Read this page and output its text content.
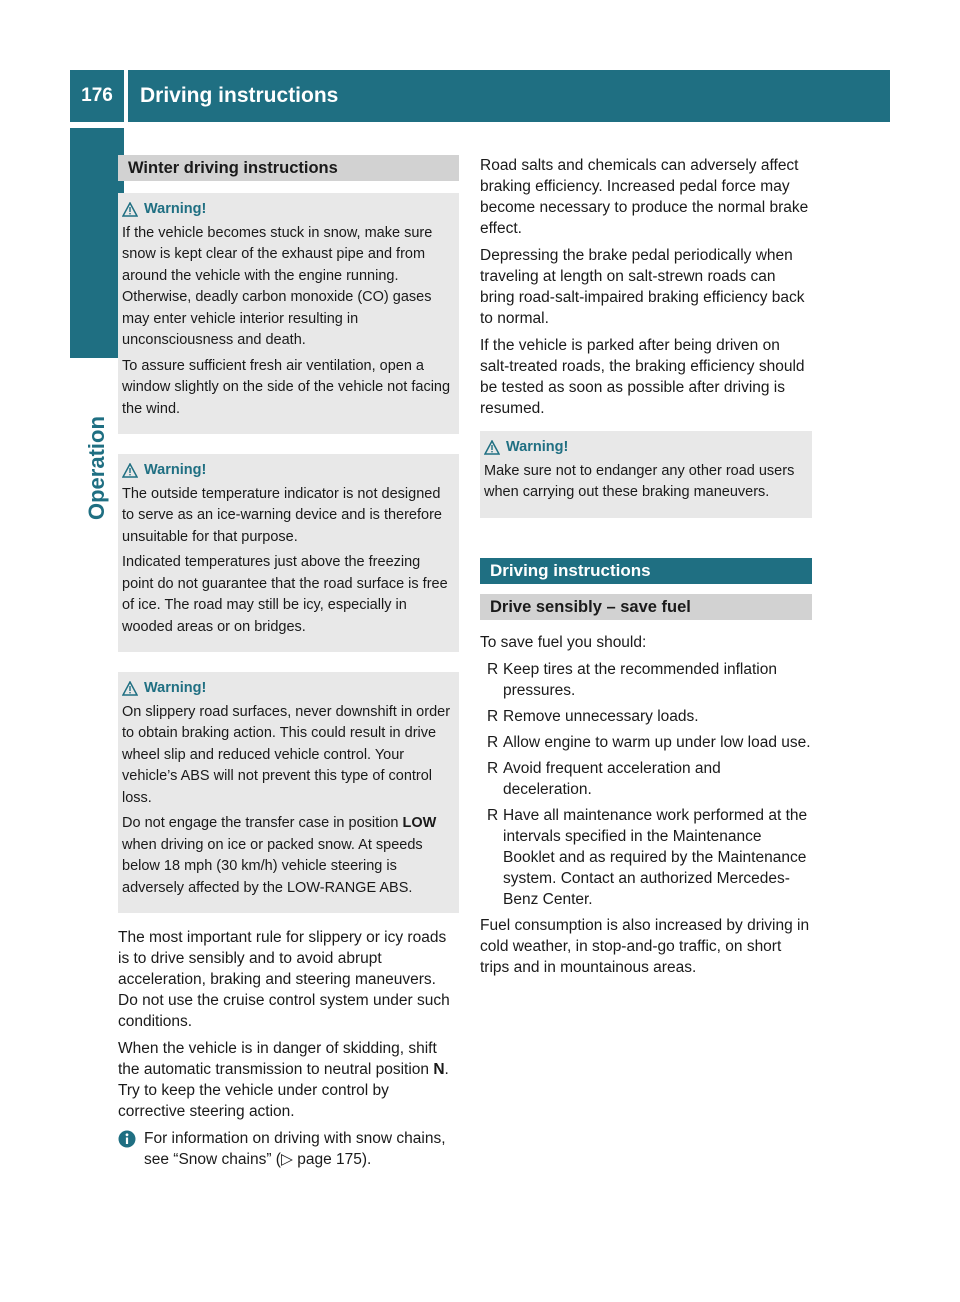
176	Driving instructions
Operation
Winter driving instructions
Warning!

If the vehicle becomes stuck in snow, make sure snow is kept clear of the exhaust pipe and from around the vehicle with the engine running. Otherwise, deadly carbon monoxide (CO) gases may enter vehicle interior resulting in unconsciousness and death.

To assure sufficient fresh air ventilation, open a window slightly on the side of the vehicle not facing the wind.

Warning!

The outside temperature indicator is not designed to serve as an ice-warning device and is therefore unsuitable for that purpose.

Indicated temperatures just above the freezing point do not guarantee that the road surface is free of ice. The road may still be icy, especially in wooded areas or on bridges.

Warning!

On slippery road surfaces, never downshift in order to obtain braking action. This could result in drive wheel slip and reduced vehicle control. Your vehicle’s ABS will not prevent this type of control loss.

Do not engage the transfer case in position LOW when driving on ice or packed snow. At speeds below 18 mph (30 km/h) vehicle steering is adversely affected by the LOW-RANGE ABS.

The most important rule for slippery or icy roads is to drive sensibly and to avoid abrupt acceleration, braking and steering maneuvers. Do not use the cruise control system under such conditions.

When the vehicle is in danger of skidding, shift the automatic transmission to neutral position N. Try to keep the vehicle under control by corrective steering action.

For information on driving with snow chains, see “Snow chains” (▷ page 175).

Road salts and chemicals can adversely affect braking efficiency. Increased pedal force may become necessary to produce the normal brake effect.

Depressing the brake pedal periodically when traveling at length on salt-strewn roads can bring road-salt-impaired braking efficiency back to normal.

If the vehicle is parked after being driven on salt-treated roads, the braking efficiency should be tested as soon as possible after driving is resumed.

Warning!

Make sure not to endanger any other road users when carrying out these braking maneuvers.

Driving instructions
Drive sensibly – save fuel

To save fuel you should:

R Keep tires at the recommended inflation pressures.
R Remove unnecessary loads.
R Allow engine to warm up under low load use.
R Avoid frequent acceleration and deceleration.
R Have all maintenance work performed at the intervals specified in the Maintenance Booklet and as required by the Maintenance system. Contact an authorized Mercedes-Benz Center.

Fuel consumption is also increased by driving in cold weather, in stop-and-go traffic, on short trips and in mountainous areas.
